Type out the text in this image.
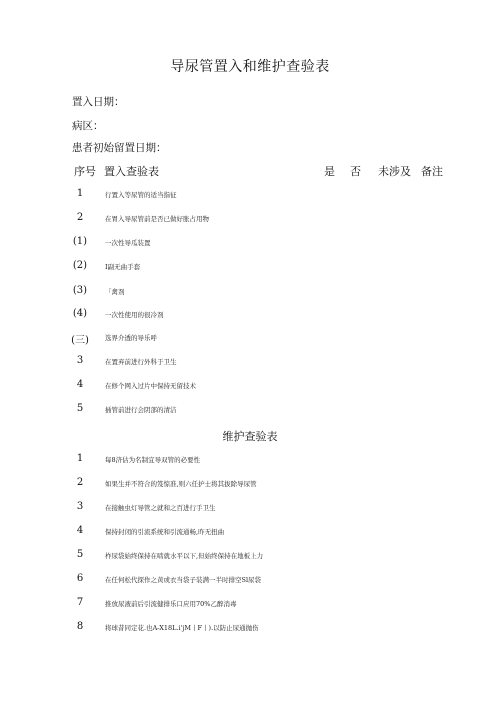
导尿管置入和维护查验表
置入日期：
病区：
患者初始留置日期：
序号 置入查验表	是 否 未涉及 备注
1	行置入等尿管的适当指征
2	在胃入导尿管前是否已做好胀占用物
(1)	一次性导瓜装置
(2)	I副无曲手套
(3)	「禽剂
(4)	一次性使用的很冷剂
(三)	选界介透的导乐呼
3	在置弃前进行外科于卫生
4	在修个网入过片中保持无留技术
5	插管前进行会阴部的清洁
维护查验表
1	每8济估为名制宜导双管的必要性
2	如果生并不符合的笈惊准,则六任护士将其拔除导尿管
3	在接触虫灯导管之就和之百进行手卫生
4	保持封闭的引流系统和引流通畅,昨无扭曲
5	柞尿袋始终保持在啮就水平以下,但始终保持在地板上力
6	在任何松代探作之黄或衣当袋子装满一半时排空Sl尿袋
7	推放尿液前后引流健排乐口应用70%乙醉消毒
8	将球昔同定花.也A-X18L.i'jM丨F丨).以防止尿通抛伤
